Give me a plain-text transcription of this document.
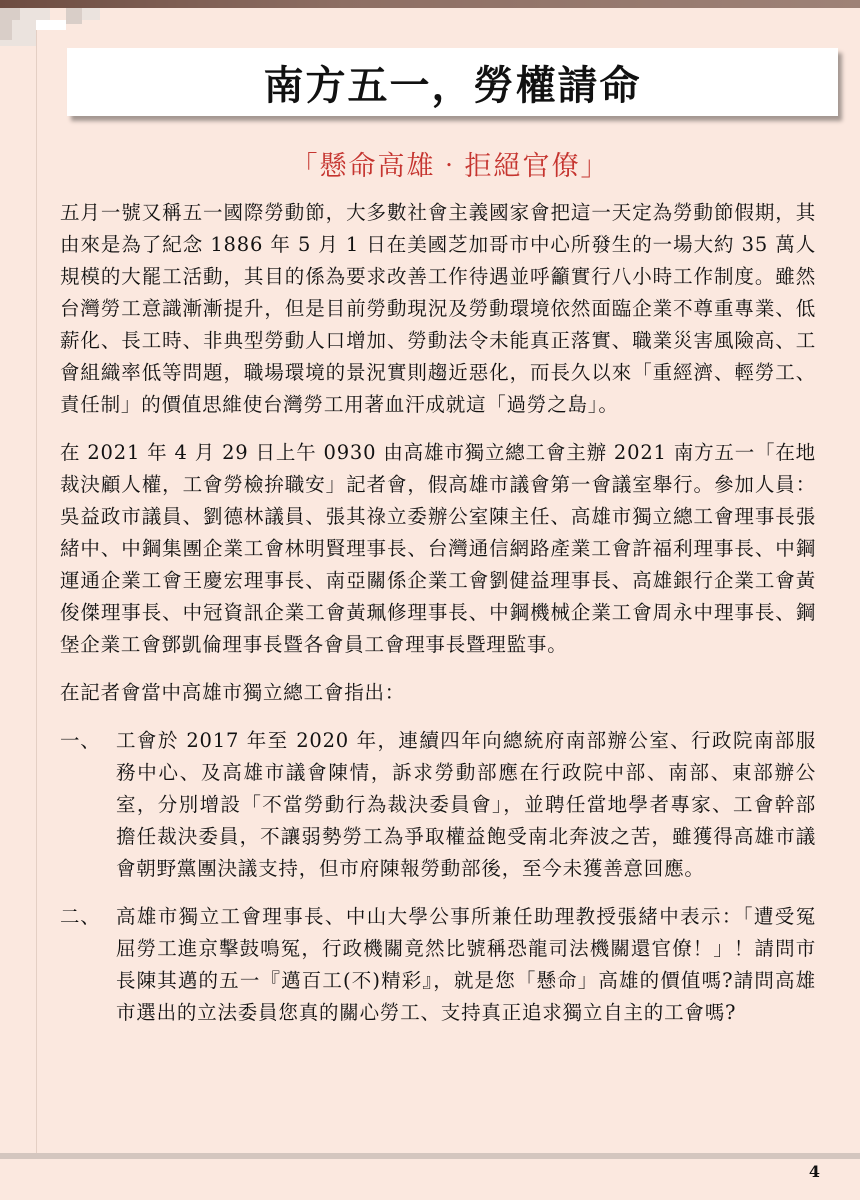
南方五一，勞權請命
「懸命高雄‧拒絕官僚」

五月一號又稱五一國際勞動節，大多數社會主義國家會把這一天定為勞動節假期，其由來是為了紀念 1886 年 5 月 1 日在美國芝加哥市中心所發生的一場大約 35 萬人規模的大罷工活動，其目的係為要求改善工作待遇並呼籲實行八小時工作制度。雖然台灣勞工意識漸漸提升，但是目前勞動現況及勞動環境依然面臨企業不尊重專業、低薪化、長工時、非典型勞動人口增加、勞動法令未能真正落實、職業災害風險高、工會組織率低等問題，職場環境的景況實則趨近惡化，而長久以來「重經濟、輕勞工、責任制」的價值思維使台灣勞工用著血汗成就這「過勞之島」。

在 2021 年 4 月 29 日上午 0930 由高雄市獨立總工會主辦 2021 南方五一「在地裁決顧人權，工會勞檢拚職安」記者會，假高雄市議會第一會議室舉行。參加人員：吳益政市議員、劉德林議員、張其祿立委辦公室陳主任、高雄市獨立總工會理事長張緒中、中鋼集團企業工會林明賢理事長、台灣通信網路產業工會許福利理事長、中鋼運通企業工會王慶宏理事長、南亞關係企業工會劉健益理事長、高雄銀行企業工會黃俊傑理事長、中冠資訊企業工會黃珮修理事長、中鋼機械企業工會周永中理事長、鋼堡企業工會鄧凱倫理事長暨各會員工會理事長暨理監事。

在記者會當中高雄市獨立總工會指出：

一、 工會於 2017 年至 2020 年，連續四年向總統府南部辦公室、行政院南部服務中心、及高雄市議會陳情，訴求勞動部應在行政院中部、南部、東部辦公室，分別增設「不當勞動行為裁決委員會」，並聘任當地學者專家、工會幹部擔任裁決委員，不讓弱勢勞工為爭取權益飽受南北奔波之苦，雖獲得高雄市議會朝野黨團決議支持，但市府陳報勞動部後，至今未獲善意回應。
二、 高雄市獨立工會理事長、中山大學公事所兼任助理教授張緒中表示：「遭受冤屈勞工進京擊鼓鳴冤，行政機關竟然比號稱恐龍司法機關還官僚！」！請問市長陳其邁的五一『邁百工(不)精彩』，就是您「懸命」高雄的價值嗎?請問高雄市選出的立法委員您真的關心勞工、支持真正追求獨立自主的工會嗎?
4
